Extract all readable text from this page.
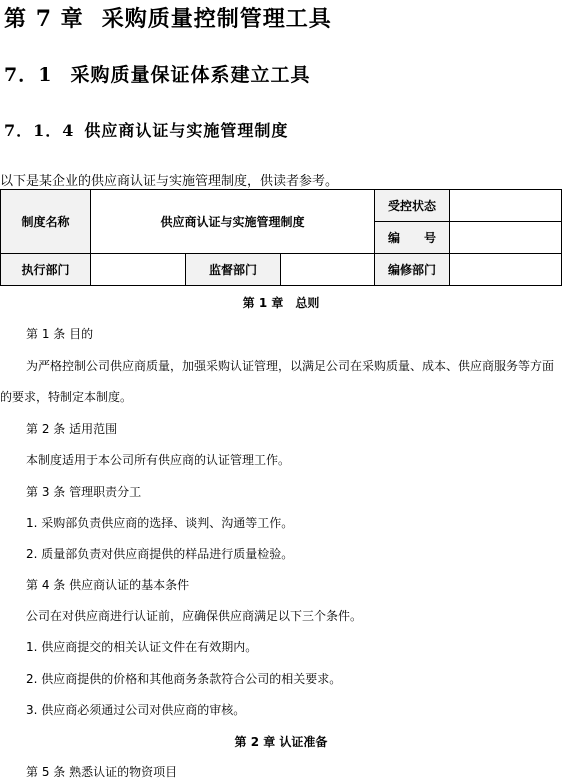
第 7 章 采购质量控制管理工具
7．1 采购质量保证体系建立工具
7．1．4 供应商认证与实施管理制度

以下是某企业的供应商认证与实施管理制度，供读者参考。

制度名称	供应商认证与实施管理制度			受控状态	
				编　　号	
执行部门		监督部门		编修部门	

第 1 章　总则

第 1 条 目的

为严格控制公司供应商质量，加强采购认证管理，以满足公司在采购质量、成本、供应商服务等方面

的要求，特制定本制度。

第 2 条 适用范围

本制度适用于本公司所有供应商的认证管理工作。

第 3 条 管理职责分工

1. 采购部负责供应商的选择、谈判、沟通等工作。

2. 质量部负责对供应商提供的样品进行质量检验。

第 4 条 供应商认证的基本条件

公司在对供应商进行认证前，应确保供应商满足以下三个条件。

1. 供应商提交的相关认证文件在有效期内。

2. 供应商提供的价格和其他商务条款符合公司的相关要求。

3. 供应商必须通过公司对供应商的审核。

第 2 章 认证准备

第 5 条 熟悉认证的物资项目
